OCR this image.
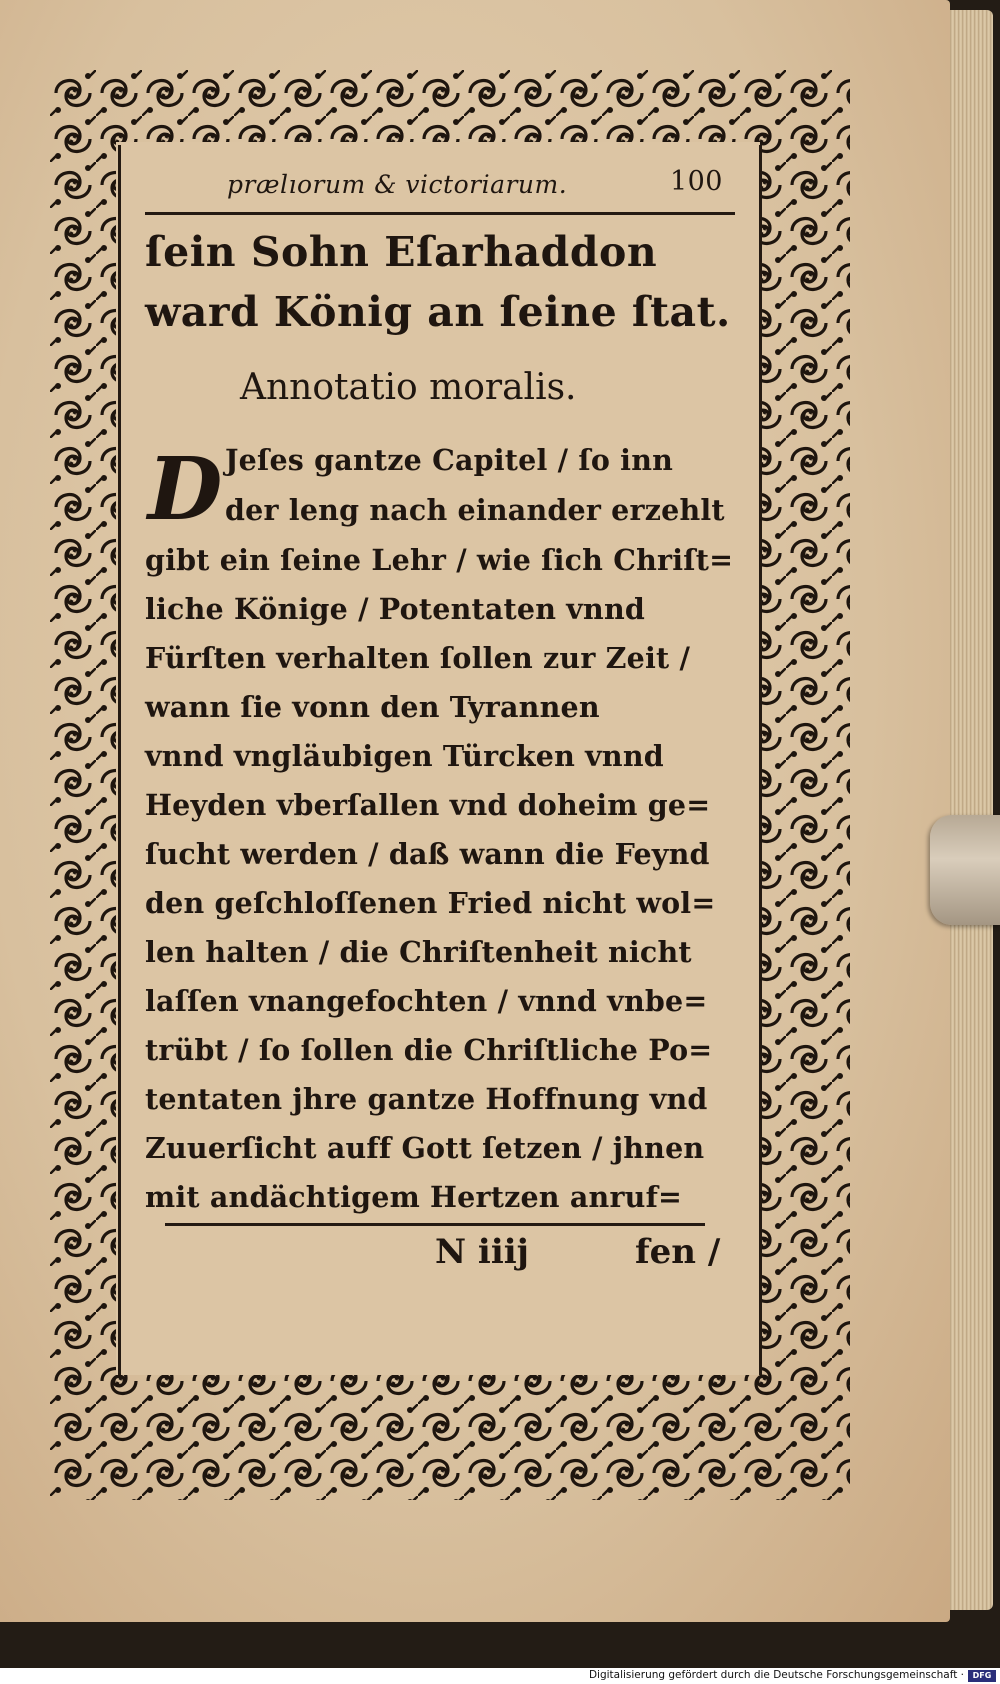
prælıorum & victoriarum.	100
ſein Sohn Eſarhaddon
ward König an ſeine ſtat.
Annotatio moralis.
D Jeſes gantze Capitel / ſo inn
der leng nach einander erzehlt
gibt ein ſeine Lehr / wie ſich Chriſt=
liche Könige / Potentaten vnnd
Fürſten verhalten ſollen zur Zeit /
wann ſie vonn den Tyrannen
vnnd vngläubigen Türcken vnnd
Heyden vberſallen vnd doheim ge=
ſucht werden / daß wann die Feynd
den geſchloſſenen Fried nicht wol=
len halten / die Chriſtenheit nicht
laſſen vnangefochten / vnnd vnbe=
trübt / ſo ſollen die Chriſtliche Po=
tentaten jhre gantze Hoffnung vnd
Zuuerſicht auff Gott ſetzen / jhnen
mit andächtigem Hertzen anruf=
N iiij	fen /
Digitalisierung gefördert durch die Deutsche Forschungsgemeinschaft ·	DFG
